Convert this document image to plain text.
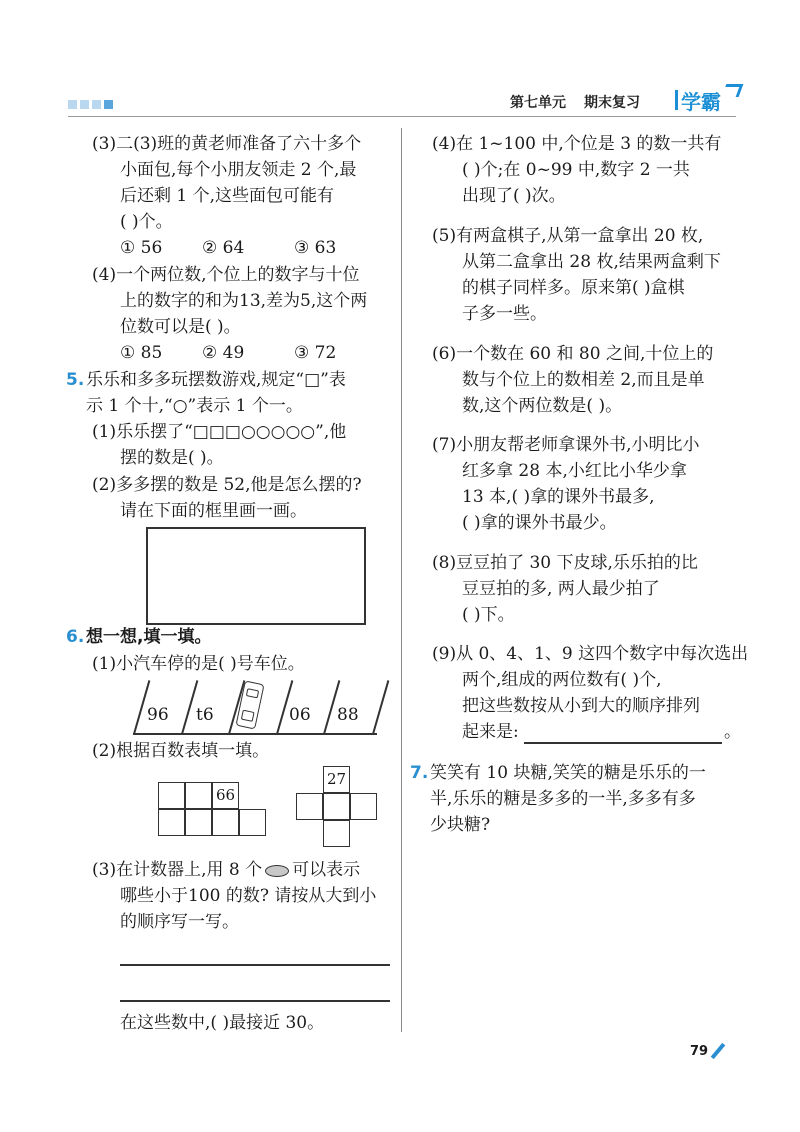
第七单元 期末复习 学霸
(3)二(3)班的黄老师准备了六十多个
小面包,每个小朋友领走 2 个,最
后还剩 1 个,这些面包可能有
( )个。
① 56 ② 64	③ 63
(4)一个两位数,个位上的数字与十位
上的数字的和为13,差为5,这个两
位数可以是( )。
① 85 ② 49	③ 72
5. 乐乐和多多玩摆数游戏,规定“□”表
示 1 个十,“○”表示 1 个一。
(1)乐乐摆了“□□□○○○○○”,他
摆的数是( )。
(2)多多摆的数是 52,他是怎么摆的?
请在下面的框里画一画。
6. 想一想,填一填。
(1)小汽车停的是( )号车位。
96 t6	06 88
(2)根据百数表填一填。
66
27
(3)在计数器上,用 8 个 可以表示
哪些小于100 的数? 请按从大到小
的顺序写一写。
在这些数中,( )最接近 30。
(4)在 1~100 中,个位是 3 的数一共有
( )个;在 0~99 中,数字 2 一共
出现了( )次。
(5)有两盒棋子,从第一盒拿出 20 枚,
从第二盒拿出 28 枚,结果两盒剩下
的棋子同样多。原来第( )盒棋
子多一些。
(6)一个数在 60 和 80 之间,十位上的
数与个位上的数相差 2,而且是单
数,这个两位数是( )。
(7)小朋友帮老师拿课外书,小明比小
红多拿 28 本,小红比小华少拿
13 本,( )拿的课外书最多,
( )拿的课外书最少。
(8)豆豆拍了 30 下皮球,乐乐拍的比
豆豆拍的多, 两人最少拍了
( )下。
(9)从 0、4、1、9 这四个数字中每次选出
两个,组成的两位数有( )个,
把这些数按从小到大的顺序排列
起来是:	。
7. 笑笑有 10 块糖,笑笑的糖是乐乐的一
半,乐乐的糖是多多的一半,多多有多
少块糖?
79
